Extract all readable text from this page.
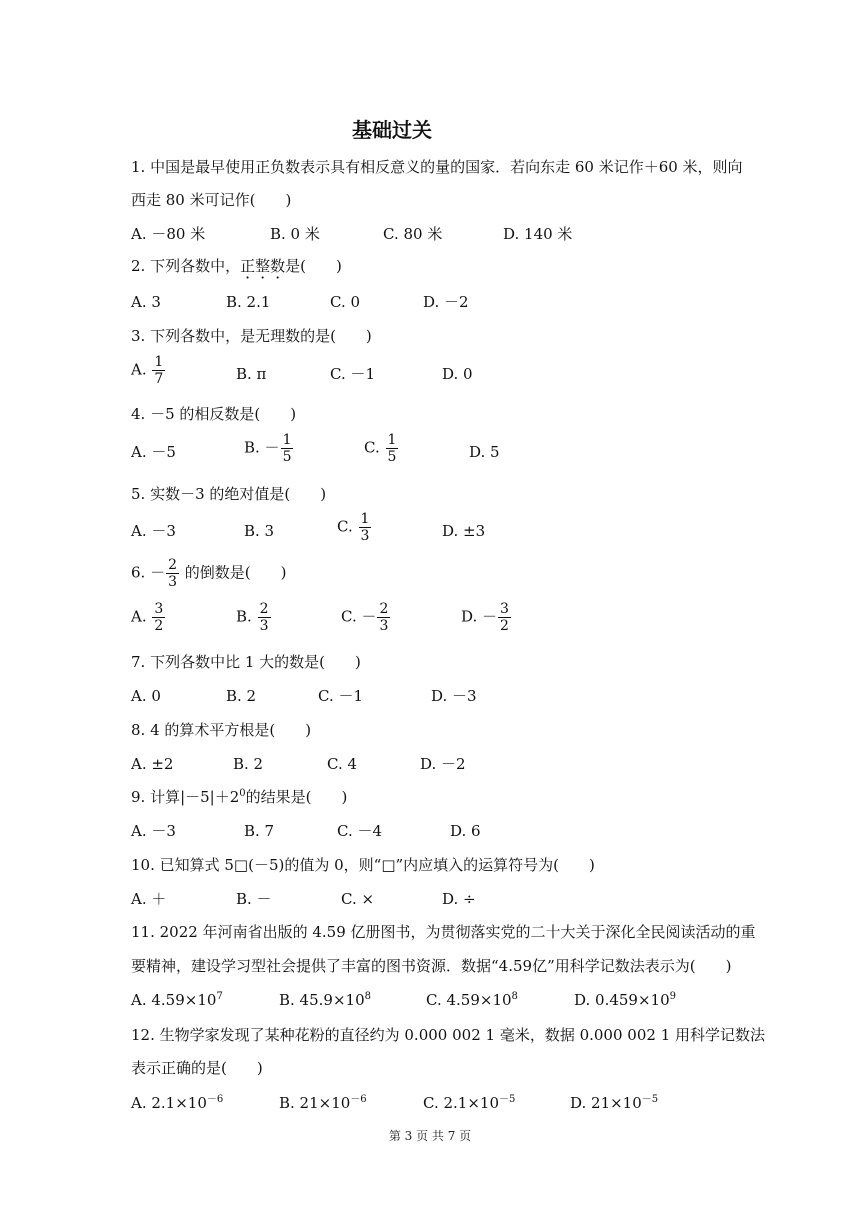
基础过关
1. 中国是最早使用正负数表示具有相反意义的量的国家．若向东走 60 米记作＋60 米，则向
西走 80 米可记作(　　)
A. －80 米	B. 0 米	C. 80 米	D. 140 米
2. 下列各数中，正整数是(　　)
A. 3	B. 2.1	C. 0	D. －2
3. 下列各数中，是无理数的是(　　)
A. $\frac{1}{7}$	B. π	C. －1	D. 0
4. －5 的相反数是(　　)
A. －5	B. － $\frac{1}{5}$	C. $\frac{1}{5}$	D. 5
5. 实数－3 的绝对值是(　　)
A. －3	B. 3	C. $\frac{1}{3}$	D. ±3
6. － $\frac{2}{3}$ 的倒数是(　　)
A. $\frac{3}{2}$	B. $\frac{2}{3}$	C. － $\frac{2}{3}$	D. － $\frac{3}{2}$
7. 下列各数中比 1 大的数是(　　)
A. 0	B. 2	C. －1	D. －3
8. 4 的算术平方根是(　　)
A. ±2	B. 2	C. 4	D. －2
9. 计算$|-5|+2^0$的结果是(　　)
A. －3	B. 7	C. －4	D. 6
10. 已知算式 5□(－5)的值为 0，则“□”内应填入的运算符号为(　　)
A. ＋	B. －	C. ×	D. ÷
11. 2022 年河南省出版的 4.59 亿册图书，为贯彻落实党的二十大关于深化全民阅读活动的重
要精神，建设学习型社会提供了丰富的图书资源．数据“4.59亿”用科学记数法表示为(　　)
A. $4.59\times 10^7$	B. $45.9\times 10^8$	C. $4.59\times 10^8$	D. $0.459\times 10^9$
12. 生物学家发现了某种花粉的直径约为 0.000 002 1 毫米，数据 0.000 002 1 用科学记数法
表示正确的是(　　)
A. $2.1\times 10^{-6}$	B. $21\times 10^{-6}$	C. $2.1\times 10^{-5}$	D. $21\times 10^{-5}$
第 3 页 共 7 页
